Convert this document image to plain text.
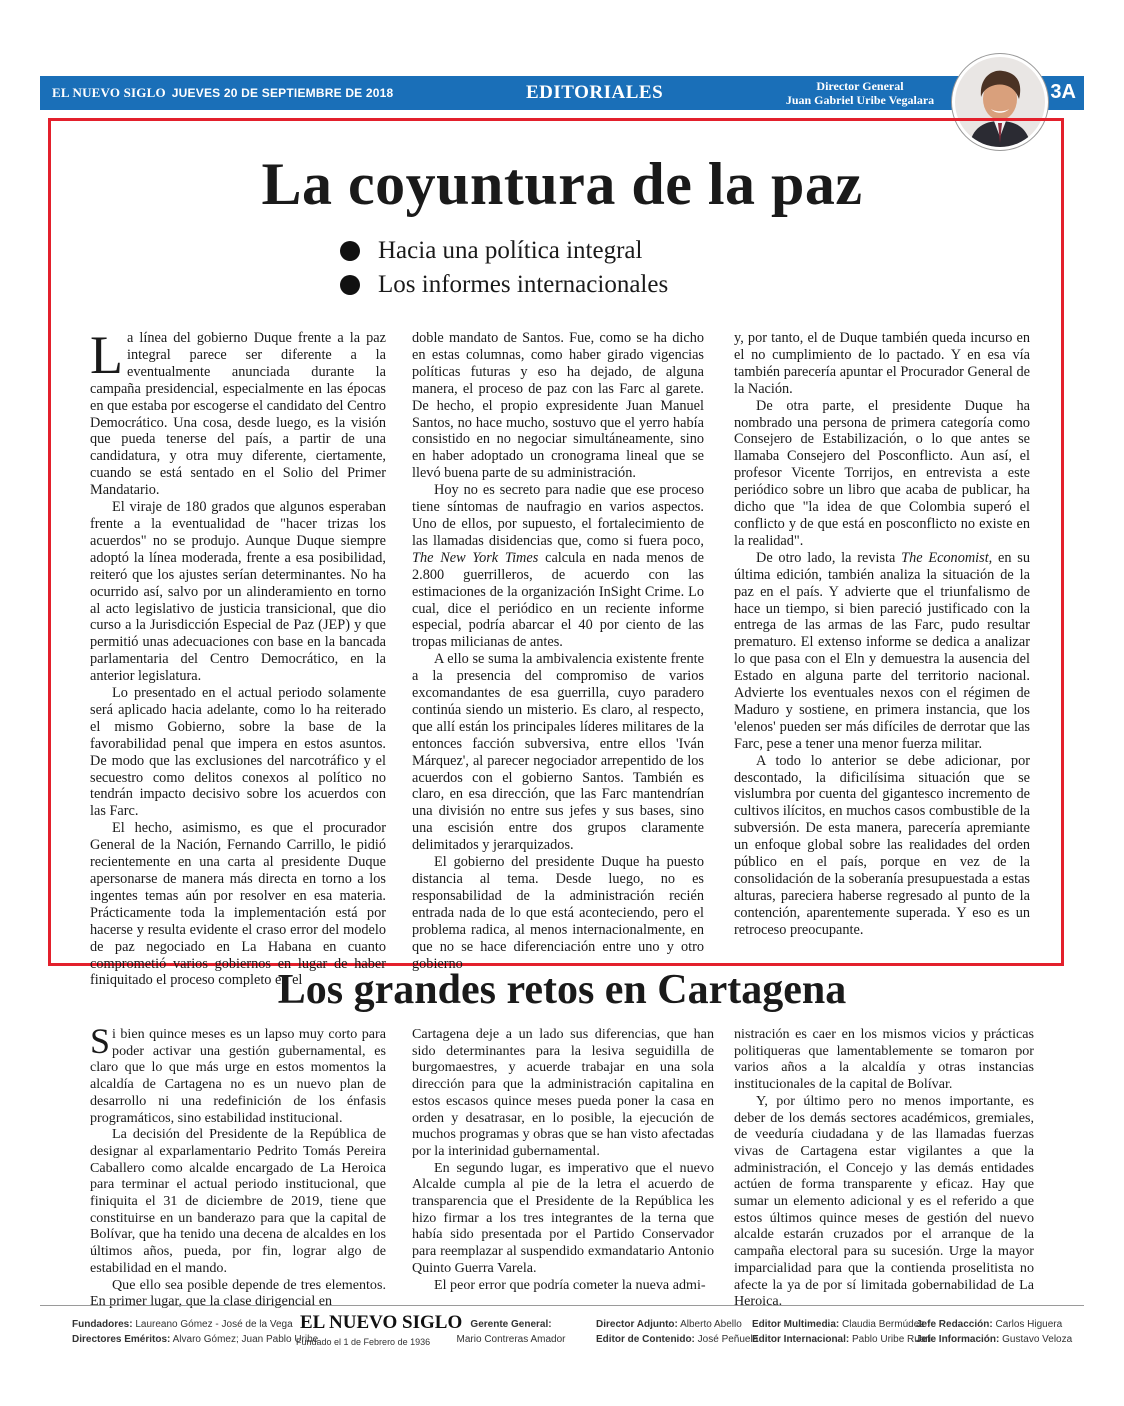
EL NUEVO SIGLO JUEVES 20 DE SEPTIEMBRE DE 2018	EDITORIALES	Director General
Juan Gabriel Uribe Vegalara	3A
La coyuntura de la paz
Hacia una política integral
Los informes internacionales

La línea del gobierno Duque frente a la paz integral parece ser diferente a la eventualmente anunciada durante la campaña presidencial, especialmente en las épocas en que estaba por escogerse el candidato del Centro Democrático. Una cosa, desde luego, es la visión que pueda tenerse del país, a partir de una candidatura, y otra muy diferente, ciertamente, cuando se está sentado en el Solio del Primer Mandatario.

El viraje de 180 grados que algunos esperaban frente a la eventualidad de "hacer trizas los acuerdos" no se produjo. Aunque Duque siempre adoptó la línea moderada, frente a esa posibilidad, reiteró que los ajustes serían determinantes. No ha ocurrido así, salvo por un alinderamiento en torno al acto legislativo de justicia transicional, que dio curso a la Jurisdicción Especial de Paz (JEP) y que permitió unas adecuaciones con base en la bancada parlamentaria del Centro Democrático, en la anterior legislatura.

Lo presentado en el actual periodo solamente será aplicado hacia adelante, como lo ha reiterado el mismo Gobierno, sobre la base de la favorabilidad penal que impera en estos asuntos. De modo que las exclusiones del narcotráfico y el secuestro como delitos conexos al político no tendrán impacto decisivo sobre los acuerdos con las Farc.

El hecho, asimismo, es que el procurador General de la Nación, Fernando Carrillo, le pidió recientemente en una carta al presidente Duque apersonarse de manera más directa en torno a los ingentes temas aún por resolver en esa materia. Prácticamente toda la implementación está por hacerse y resulta evidente el craso error del modelo de paz negociado en La Habana en cuanto comprometió varios gobiernos en lugar de haber finiquitado el proceso completo en el

doble mandato de Santos. Fue, como se ha dicho en estas columnas, como haber girado vigencias políticas futuras y eso ha dejado, de alguna manera, el proceso de paz con las Farc al garete. De hecho, el propio expresidente Juan Manuel Santos, no hace mucho, sostuvo que el yerro había consistido en no negociar simultáneamente, sino en haber adoptado un cronograma lineal que se llevó buena parte de su administración.

Hoy no es secreto para nadie que ese proceso tiene síntomas de naufragio en varios aspectos. Uno de ellos, por supuesto, el fortalecimiento de las llamadas disidencias que, como si fuera poco, The New York Times calcula en nada menos de 2.800 guerrilleros, de acuerdo con las estimaciones de la organización InSight Crime. Lo cual, dice el periódico en un reciente informe especial, podría abarcar el 40 por ciento de las tropas milicianas de antes.

A ello se suma la ambivalencia existente frente a la presencia del compromiso de varios excomandantes de esa guerrilla, cuyo paradero continúa siendo un misterio. Es claro, al respecto, que allí están los principales líderes militares de la entonces facción subversiva, entre ellos 'Iván Márquez', al parecer negociador arrepentido de los acuerdos con el gobierno Santos. También es claro, en esa dirección, que las Farc mantendrían una división no entre sus jefes y sus bases, sino una escisión entre dos grupos claramente delimitados y jerarquizados.

El gobierno del presidente Duque ha puesto distancia al tema. Desde luego, no es responsabilidad de la administración recién entrada nada de lo que está aconteciendo, pero el problema radica, al menos internacionalmente, en que no se hace diferenciación entre uno y otro gobierno

y, por tanto, el de Duque también queda incurso en el no cumplimiento de lo pactado. Y en esa vía también parecería apuntar el Procurador General de la Nación.

De otra parte, el presidente Duque ha nombrado una persona de primera categoría como Consejero de Estabilización, o lo que antes se llamaba Consejero del Posconflicto. Aun así, el profesor Vicente Torrijos, en entrevista a este periódico sobre un libro que acaba de publicar, ha dicho que "la idea de que Colombia superó el conflicto y de que está en posconflicto no existe en la realidad".

De otro lado, la revista The Economist, en su última edición, también analiza la situación de la paz en el país. Y advierte que el triunfalismo de hace un tiempo, si bien pareció justificado con la entrega de las armas de las Farc, pudo resultar prematuro. El extenso informe se dedica a analizar lo que pasa con el Eln y demuestra la ausencia del Estado en alguna parte del territorio nacional. Advierte los eventuales nexos con el régimen de Maduro y sostiene, en primera instancia, que los 'elenos' pueden ser más difíciles de derrotar que las Farc, pese a tener una menor fuerza militar.

A todo lo anterior se debe adicionar, por descontado, la dificilísima situación que se vislumbra por cuenta del gigantesco incremento de cultivos ilícitos, en muchos casos combustible de la subversión. De esta manera, parecería apremiante un enfoque global sobre las realidades del orden público en el país, porque en vez de la consolidación de la soberanía presupuestada a estas alturas, pareciera haberse regresado al punto de la contención, aparentemente superada. Y eso es un retroceso preocupante.

Los grandes retos en Cartagena

Si bien quince meses es un lapso muy corto para poder activar una gestión gubernamental, es claro que lo que más urge en estos momentos la alcaldía de Cartagena no es un nuevo plan de desarrollo ni una redefinición de los énfasis programáticos, sino estabilidad institucional.

La decisión del Presidente de la República de designar al exparlamentario Pedrito Tomás Pereira Caballero como alcalde encargado de La Heroica para terminar el actual periodo institucional, que finiquita el 31 de diciembre de 2019, tiene que constituirse en un banderazo para que la capital de Bolívar, que ha tenido una decena de alcaldes en los últimos años, pueda, por fin, lograr algo de estabilidad en el mando.

Que ello sea posible depende de tres elementos. En primer lugar, que la clase dirigencial en

Cartagena deje a un lado sus diferencias, que han sido determinantes para la lesiva seguidilla de burgomaestres, y acuerde trabajar en una sola dirección para que la administración capitalina en estos escasos quince meses pueda poner la casa en orden y desatrasar, en lo posible, la ejecución de muchos programas y obras que se han visto afectadas por la interinidad gubernamental.

En segundo lugar, es imperativo que el nuevo Alcalde cumpla al pie de la letra el acuerdo de transparencia que el Presidente de la República les hizo firmar a los tres integrantes de la terna que había sido presentada por el Partido Conservador para reemplazar al suspendido exmandatario Antonio Quinto Guerra Varela.

El peor error que podría cometer la nueva admi-

nistración es caer en los mismos vicios y prácticas politiqueras que lamentablemente se tomaron por varios años a la alcaldía y otras instancias institucionales de la capital de Bolívar.

Y, por último pero no menos importante, es deber de los demás sectores académicos, gremiales, de veeduría ciudadana y de las llamadas fuerzas vivas de Cartagena estar vigilantes a que la administración, el Concejo y las demás entidades actúen de forma transparente y eficaz. Hay que sumar un elemento adicional y es el referido a que estos últimos quince meses de gestión del nuevo alcalde estarán cruzados por el arranque de la campaña electoral para su sucesión. Urge la mayor imparcialidad para que la contienda proselitista no afecte la ya de por sí limitada gobernabilidad de La Heroica.

Fundadores: Laureano Gómez - José de la Vega
Directores Eméritos: Alvaro Gómez; Juan Pablo Uribe
EL NUEVO SIGLO
Fundado el 1 de Febrero de 1936
Gerente General:
Mario Contreras Amador
Director Adjunto: Alberto Abello
Editor de Contenido: José Peñuela
Editor Multimedia: Claudia Bermúdez
Editor Internacional: Pablo Uribe Ruan
Jefe Redacción: Carlos Higuera
Jefe Información: Gustavo Veloza
